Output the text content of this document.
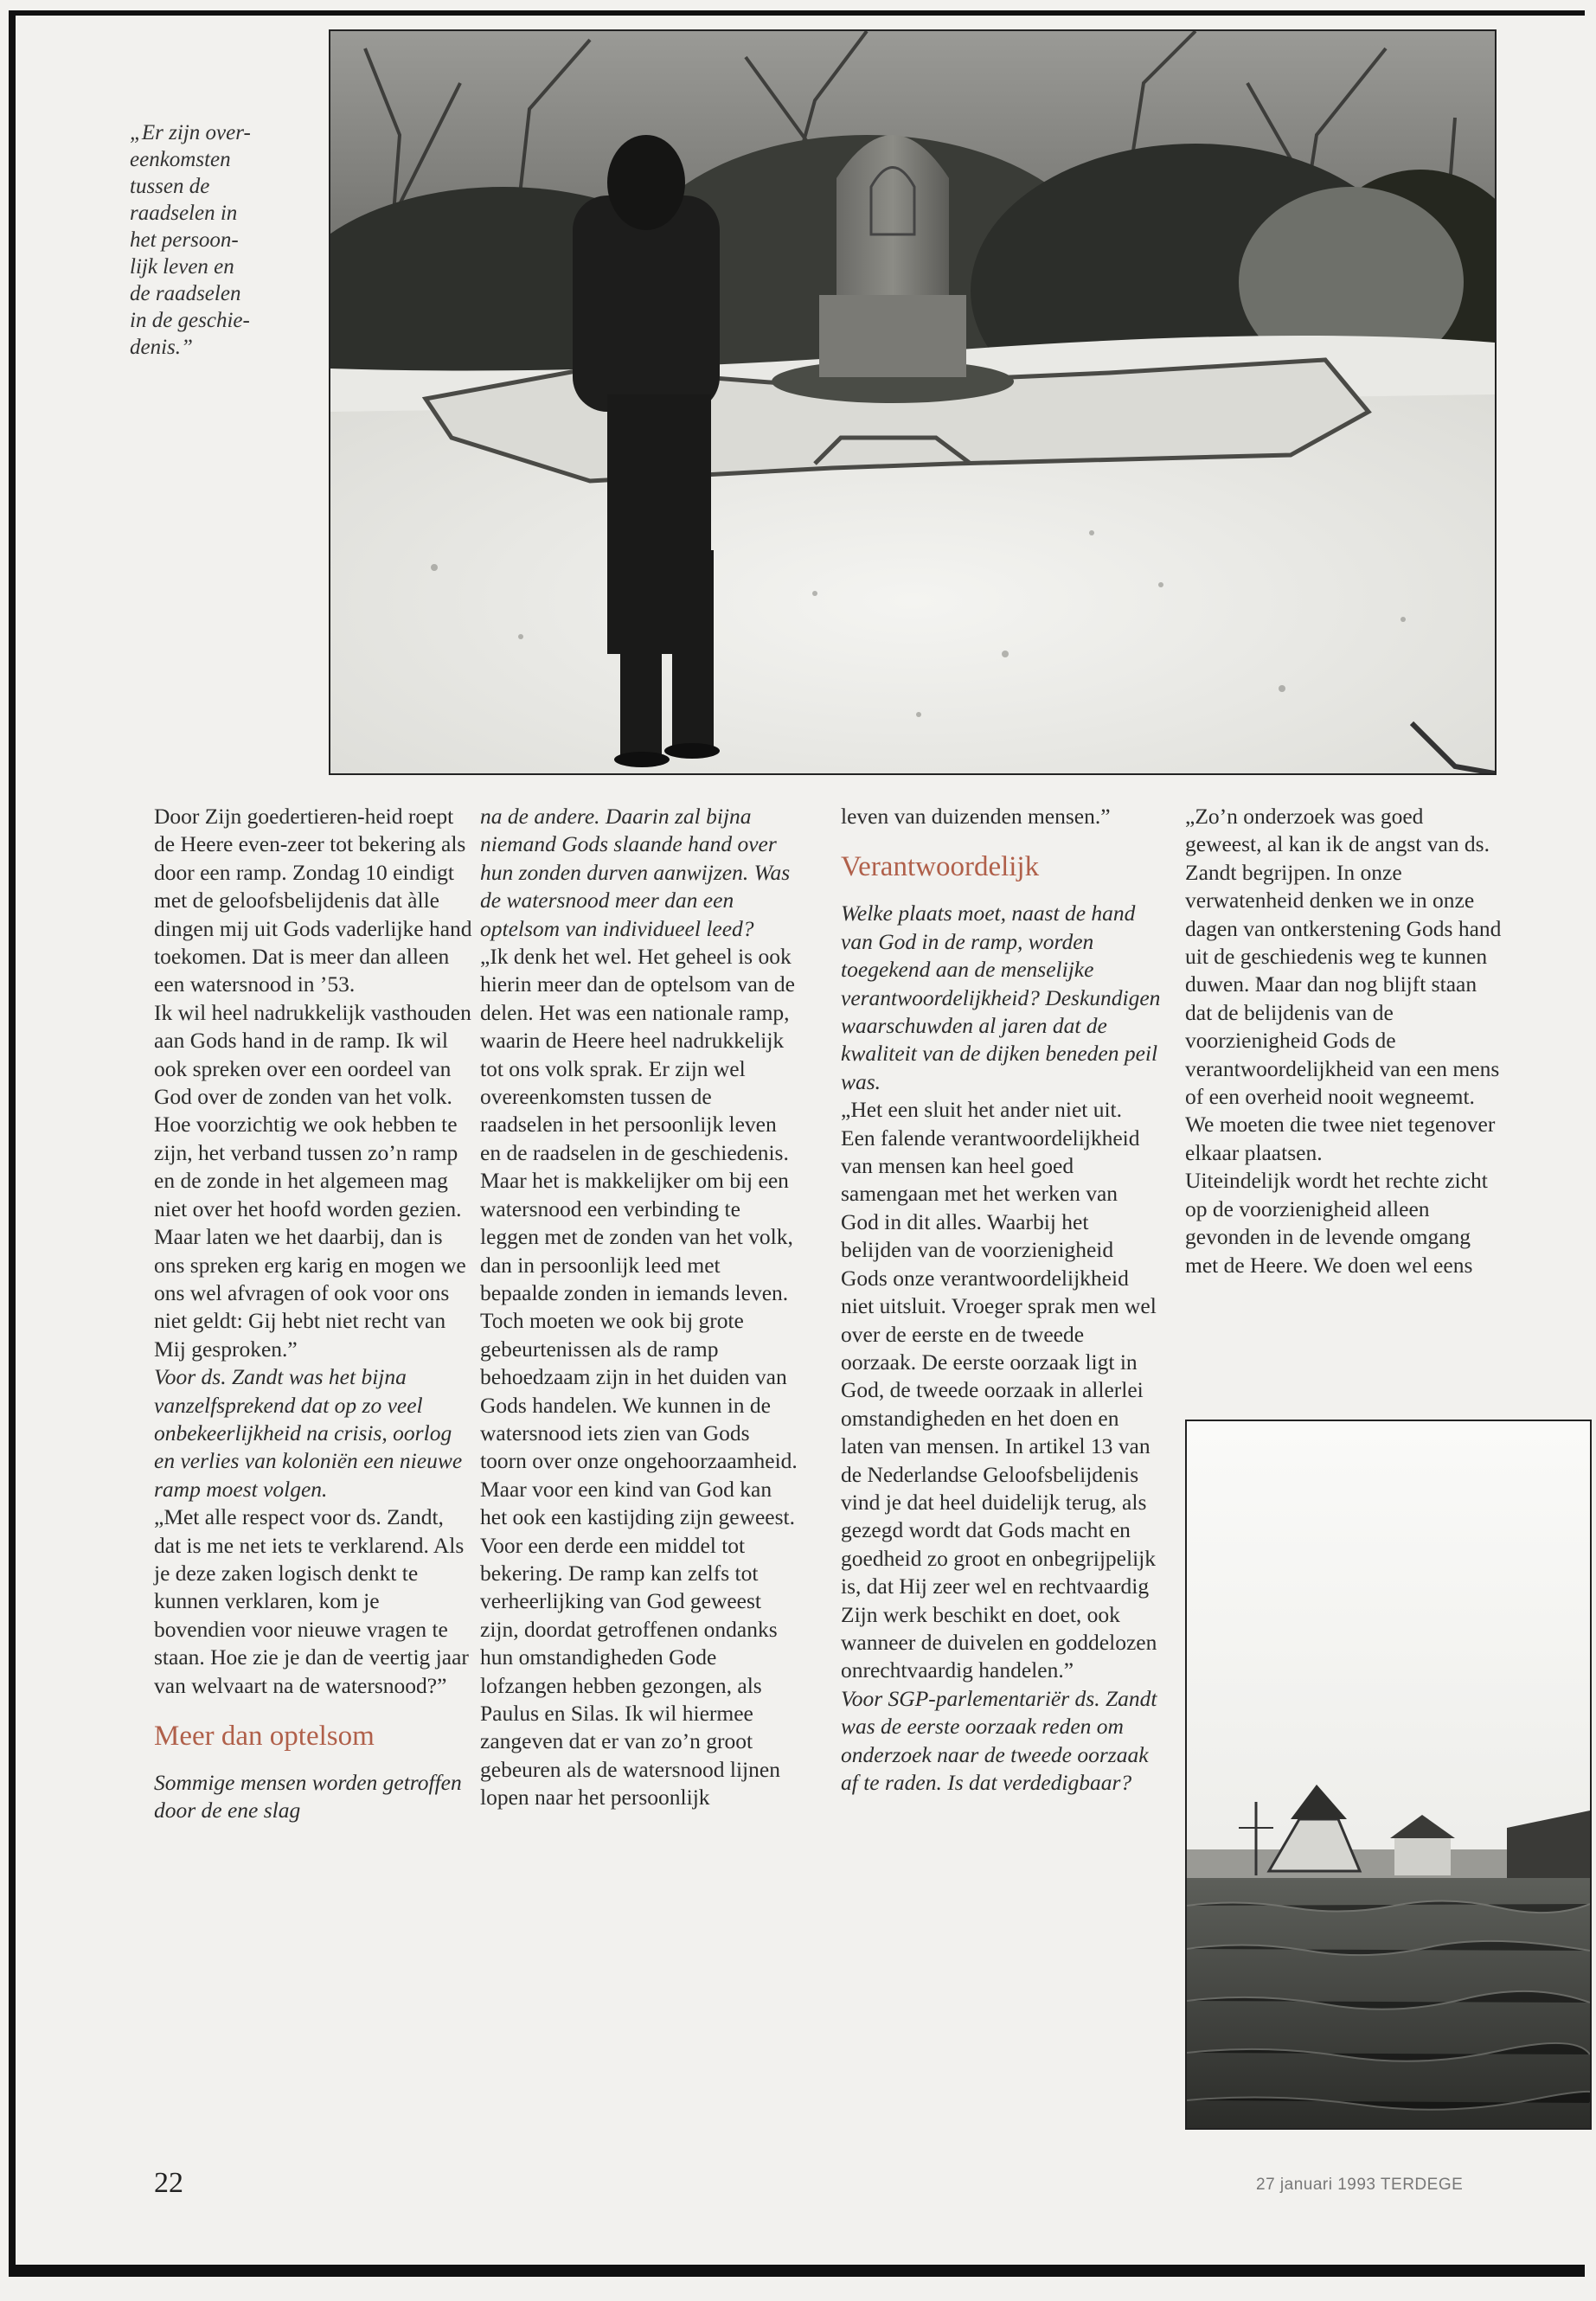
„Er zijn over-
eenkomsten
tussen de
raadselen in
het persoon-
lijk leven en
de raadselen
in de geschie-
denis.”

Door Zijn goedertieren-heid roept de Heere even-zeer tot bekering als door een ramp. Zondag 10 eindigt met de geloofsbelijdenis dat àlle dingen mij uit Gods vaderlijke hand toekomen. Dat is meer dan alleen een watersnood in ’53.

Ik wil heel nadrukkelijk vasthouden aan Gods hand in de ramp. Ik wil ook spreken over een oordeel van God over de zonden van het volk. Hoe voorzichtig we ook hebben te zijn, het verband tussen zo’n ramp en de zonde in het algemeen mag niet over het hoofd worden gezien. Maar laten we het daarbij, dan is ons spreken erg karig en mogen we ons wel afvragen of ook voor ons niet geldt: Gij hebt niet recht van Mij gesproken.”

Voor ds. Zandt was het bijna vanzelfsprekend dat op zo veel onbekeerlijkheid na crisis, oorlog en verlies van koloniën een nieuwe ramp moest volgen.

„Met alle respect voor ds. Zandt, dat is me net iets te verklarend. Als je deze zaken logisch denkt te kunnen verklaren, kom je bovendien voor nieuwe vragen te staan. Hoe zie je dan de veertig jaar van welvaart na de watersnood?”

Meer dan optelsom

Sommige mensen worden getroffen door de ene slag

na de andere. Daarin zal bijna niemand Gods slaande hand over hun zonden durven aanwijzen. Was de watersnood meer dan een optelsom van individueel leed?

„Ik denk het wel. Het geheel is ook hierin meer dan de optelsom van de delen. Het was een nationale ramp, waarin de Heere heel nadrukkelijk tot ons volk sprak. Er zijn wel overeenkomsten tussen de raadselen in het persoonlijk leven en de raadselen in de geschiedenis. Maar het is makkelijker om bij een watersnood een verbinding te leggen met de zonden van het volk, dan in persoonlijk leed met bepaalde zonden in iemands leven. Toch moeten we ook bij grote gebeurtenissen als de ramp behoedzaam zijn in het duiden van Gods handelen. We kunnen in de watersnood iets zien van Gods toorn over onze ongehoorzaamheid. Maar voor een kind van God kan het ook een kastijding zijn geweest. Voor een derde een middel tot bekering. De ramp kan zelfs tot verheerlijking van God geweest zijn, doordat getroffenen ondanks hun omstandigheden Gode lofzangen hebben gezongen, als Paulus en Silas. Ik wil hiermee zangeven dat er van zo’n groot gebeuren als de watersnood lijnen lopen naar het persoonlijk

leven van duizenden mensen.”

Verantwoordelijk

Welke plaats moet, naast de hand van God in de ramp, worden toegekend aan de menselijke verantwoordelijkheid? Deskundigen waarschuwden al jaren dat de kwaliteit van de dijken beneden peil was.

„Het een sluit het ander niet uit. Een falende verantwoordelijkheid van mensen kan heel goed samengaan met het werken van God in dit alles. Waarbij het belijden van de voorzienigheid Gods onze verantwoordelijkheid niet uitsluit. Vroeger sprak men wel over de eerste en de tweede oorzaak. De eerste oorzaak ligt in God, de tweede oorzaak in allerlei omstandigheden en het doen en laten van mensen. In artikel 13 van de Nederlandse Geloofsbelijdenis vind je dat heel duidelijk terug, als gezegd wordt dat Gods macht en goedheid zo groot en onbegrijpelijk is, dat Hij zeer wel en rechtvaardig Zijn werk beschikt en doet, ook wanneer de duivelen en goddelozen onrechtvaardig handelen.”

Voor SGP-parlementariër ds. Zandt was de eerste oorzaak reden om onderzoek naar de tweede oorzaak af te raden. Is dat verdedigbaar?

„Zo’n onderzoek was goed geweest, al kan ik de angst van ds. Zandt begrijpen. In onze verwatenheid denken we in onze dagen van ontkerstening Gods hand uit de geschiedenis weg te kunnen duwen. Maar dan nog blijft staan dat de belijdenis van de voorzienigheid Gods de verantwoordelijkheid van een mens of een overheid nooit wegneemt. We moeten die twee niet tegenover elkaar plaatsen.

Uiteindelijk wordt het rechte zicht op de voorzienigheid alleen gevonden in de levende omgang met de Heere. We doen wel eens

22	27 januari 1993 TERDEGE
